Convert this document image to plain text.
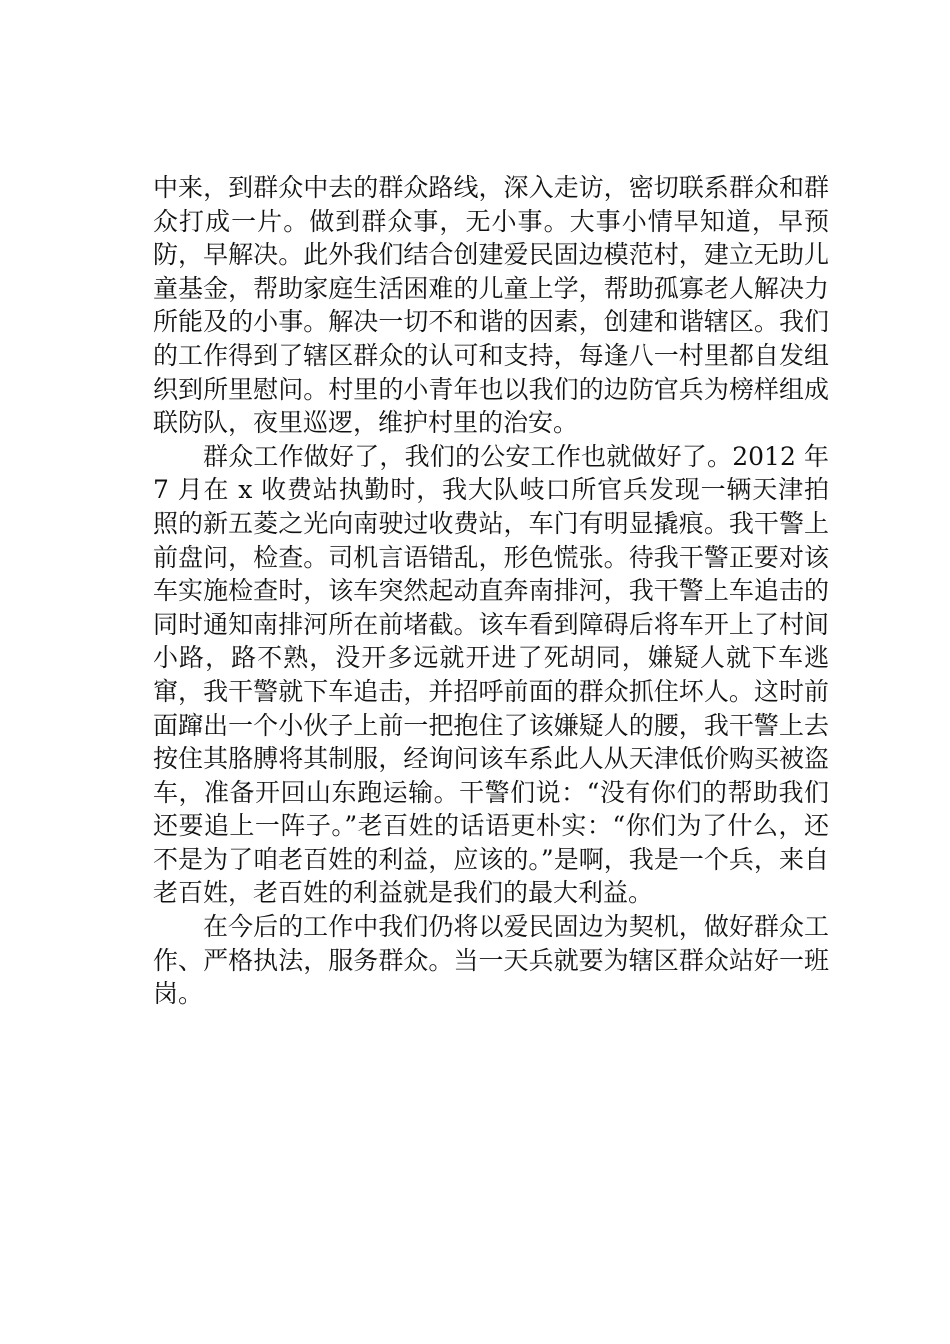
中来，到群众中去的群众路线，深入走访，密切联系群众和群众打成一片。做到群众事，无小事。大事小情早知道，早预防，早解决。此外我们结合创建爱民固边模范村，建立无助儿童基金，帮助家庭生活困难的儿童上学，帮助孤寡老人解决力所能及的小事。解决一切不和谐的因素，创建和谐辖区。我们的工作得到了辖区群众的认可和支持，每逢八一村里都自发组织到所里慰问。村里的小青年也以我们的边防官兵为榜样组成联防队，夜里巡逻，维护村里的治安。

群众工作做好了，我们的公安工作也就做好了。2012 年 7 月在 x 收费站执勤时，我大队岐口所官兵发现一辆天津拍照的新五菱之光向南驶过收费站，车门有明显撬痕。我干警上前盘问，检查。司机言语错乱，形色慌张。待我干警正要对该车实施检查时，该车突然起动直奔南排河，我干警上车追击的同时通知南排河所在前堵截。该车看到障碍后将车开上了村间小路，路不熟，没开多远就开进了死胡同，嫌疑人就下车逃窜，我干警就下车追击，并招呼前面的群众抓住坏人。这时前面蹿出一个小伙子上前一把抱住了该嫌疑人的腰，我干警上去按住其胳膊将其制服，经询问该车系此人从天津低价购买被盗车，准备开回山东跑运输。干警们说：“没有你们的帮助我们还要追上一阵子。”老百姓的话语更朴实：“你们为了什么，还不是为了咱老百姓的利益，应该的。”是啊，我是一个兵，来自老百姓，老百姓的利益就是我们的最大利益。

在今后的工作中我们仍将以爱民固边为契机，做好群众工作、严格执法，服务群众。当一天兵就要为辖区群众站好一班岗。
